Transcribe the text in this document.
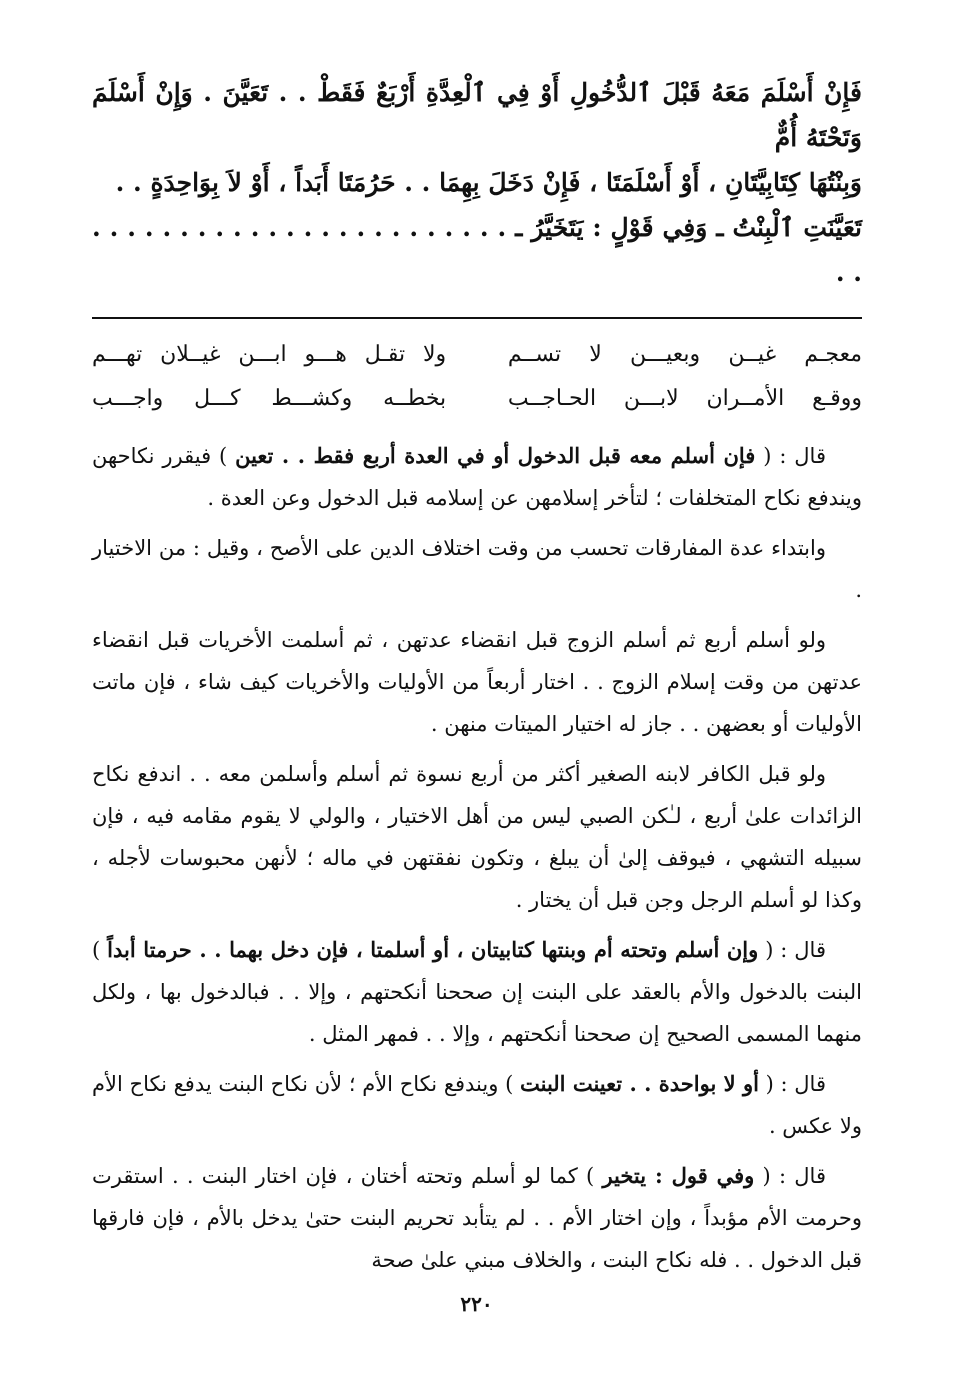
فَإِنْ أَسْلَمَ مَعَهُ قَبْلَ ٱلدُّخُولِ أَوْ فِي ٱلْعِدَّةِ أَرْبَعٌ فَقَطْ . . تَعَيَّنَ . وَإِنْ أَسْلَمَ وَتَحْتَهُ أُمٌّ
وَبِنْتُهَا كِتَابِيَّتَانِ ، أَوْ أَسْلَمَتَا ، فَإِنْ دَخَلَ بِهِمَا . . حَرُمَتَا أَبَداً ، أَوْ لاَ بِوَاحِدَةٍ . .
تَعَيَّنَتِ ٱلْبِنْتُ ـ وَفِي قَوْلٍ : يَتَخَيَّرُ ـ . . . . . . . . . . . . . . . . . . . . . . . . . .
معجـم غيــن وبعيـــن لا تســم
ولا تقـل هـــو ابـــن غيــلان تهـــم
ووقـع الأمــران لابـــن الحـاجــب
بخطــه وكشـــط كـــل واجـــب

قال : ( فإن أسلم معه قبل الدخول أو في العدة أربع فقط . . تعين ) فيقرر نكاحهن ويندفع نكاح المتخلفات ؛ لتأخر إسلامهن عن إسلامه قبل الدخول وعن العدة .

وابتداء عدة المفارقات تحسب من وقت اختلاف الدين على الأصح ، وقيل : من الاختيار .

ولو أسلم أربع ثم أسلم الزوج قبل انقضاء عدتهن ، ثم أسلمت الأخريات قبل انقضاء عدتهن من وقت إسلام الزوج . . اختار أربعاً من الأوليات والأخريات كيف شاء ، فإن ماتت الأوليات أو بعضهن . . جاز له اختيار الميتات منهن .

ولو قبل الكافر لابنه الصغير أكثر من أربع نسوة ثم أسلم وأسلمن معه . . اندفع نكاح الزائدات علىٰ أربع ، لـٰكن الصبي ليس من أهل الاختيار ، والولي لا يقوم مقامه فيه ، فإن سبيله التشهي ، فيوقف إلىٰ أن يبلغ ، وتكون نفقتهن في ماله ؛ لأنهن محبوسات لأجله ، وكذا لو أسلم الرجل وجن قبل أن يختار .

قال : ( وإن أسلم وتحته أم وبنتها كتابيتان ، أو أسلمتا ، فإن دخل بهما . . حرمتا أبداً ) البنت بالدخول والأم بالعقد على البنت إن صححنا أنكحتهم ، وإلا . . فبالدخول بها ، ولكل منهما المسمى الصحيح إن صححنا أنكحتهم ، وإلا . . فمهر المثل .

قال : ( أو لا بواحدة . . تعينت البنت ) ويندفع نكاح الأم ؛ لأن نكاح البنت يدفع نكاح الأم ولا عكس .

قال : ( وفي قول : يتخير ) كما لو أسلم وتحته أختان ، فإن اختار البنت . . استقرت وحرمت الأم مؤبداً ، وإن اختار الأم . . لم يتأبد تحريم البنت حتىٰ يدخل بالأم ، فإن فارقها قبل الدخول . . فله نكاح البنت ، والخلاف مبني علىٰ صحة

٢٢٠
